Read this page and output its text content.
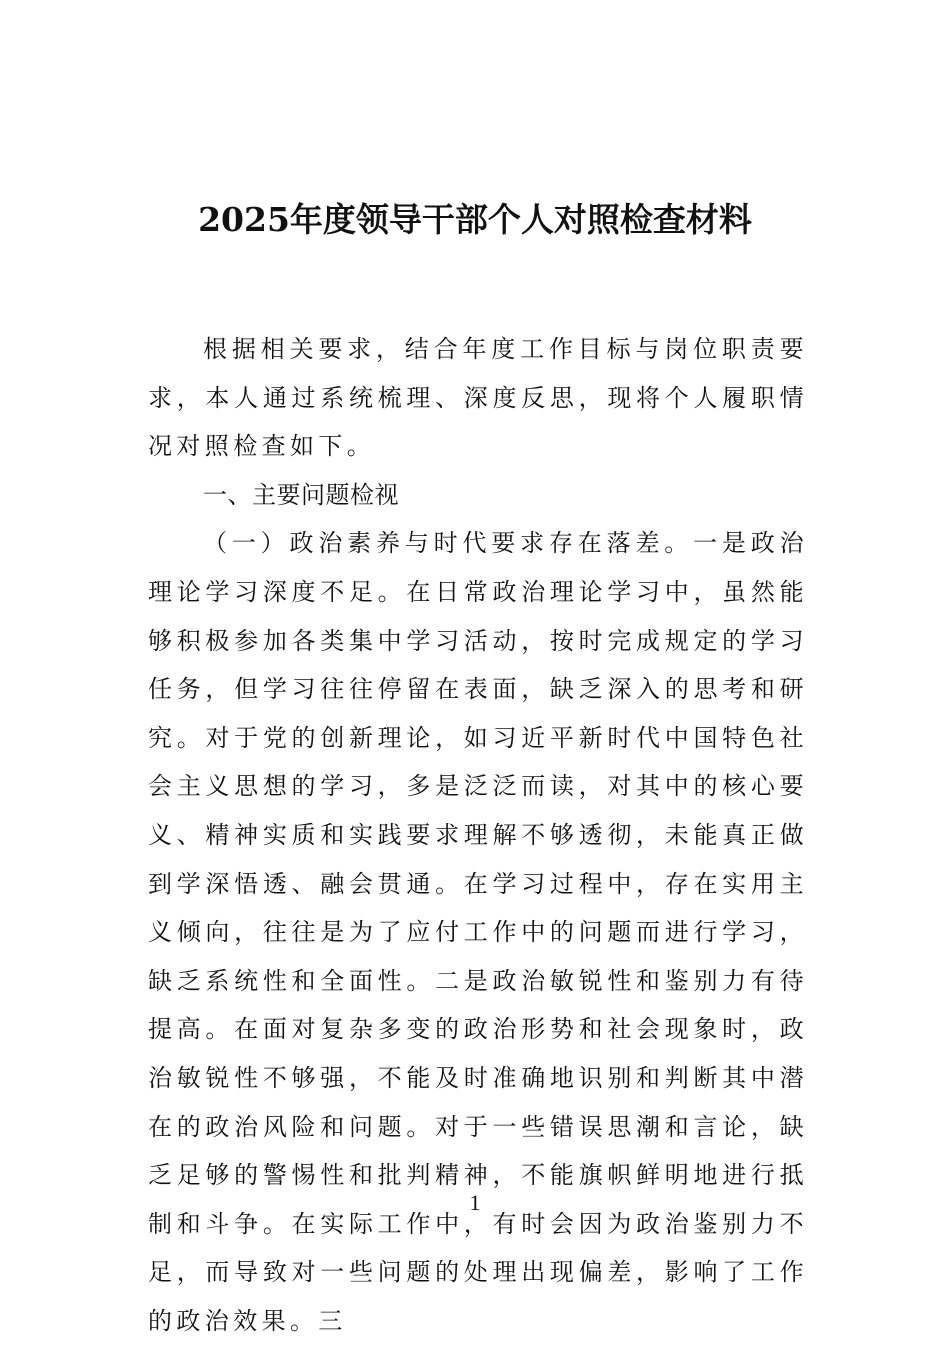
2025年度领导干部个人对照检查材料

根据相关要求，结合年度工作目标与岗位职责要求，本人通过系统梳理、深度反思，现将个人履职情况对照检查如下。

一、主要问题检视

（一）政治素养与时代要求存在落差。一是政治理论学习深度不足。在日常政治理论学习中，虽然能够积极参加各类集中学习活动，按时完成规定的学习任务，但学习往往停留在表面，缺乏深入的思考和研究。对于党的创新理论，如习近平新时代中国特色社会主义思想的学习，多是泛泛而读，对其中的核心要义、精神实质和实践要求理解不够透彻，未能真正做到学深悟透、融会贯通。在学习过程中，存在实用主义倾向，往往是为了应付工作中的问题而进行学习，缺乏系统性和全面性。二是政治敏锐性和鉴别力有待提高。在面对复杂多变的政治形势和社会现象时，政治敏锐性不够强，不能及时准确地识别和判断其中潜在的政治风险和问题。对于一些错误思潮和言论，缺乏足够的警惕性和批判精神，不能旗帜鲜明地进行抵制和斗争。在实际工作中，有时会因为政治鉴别力不足，而导致对一些问题的处理出现偏差，影响了工作的政治效果。三

1
